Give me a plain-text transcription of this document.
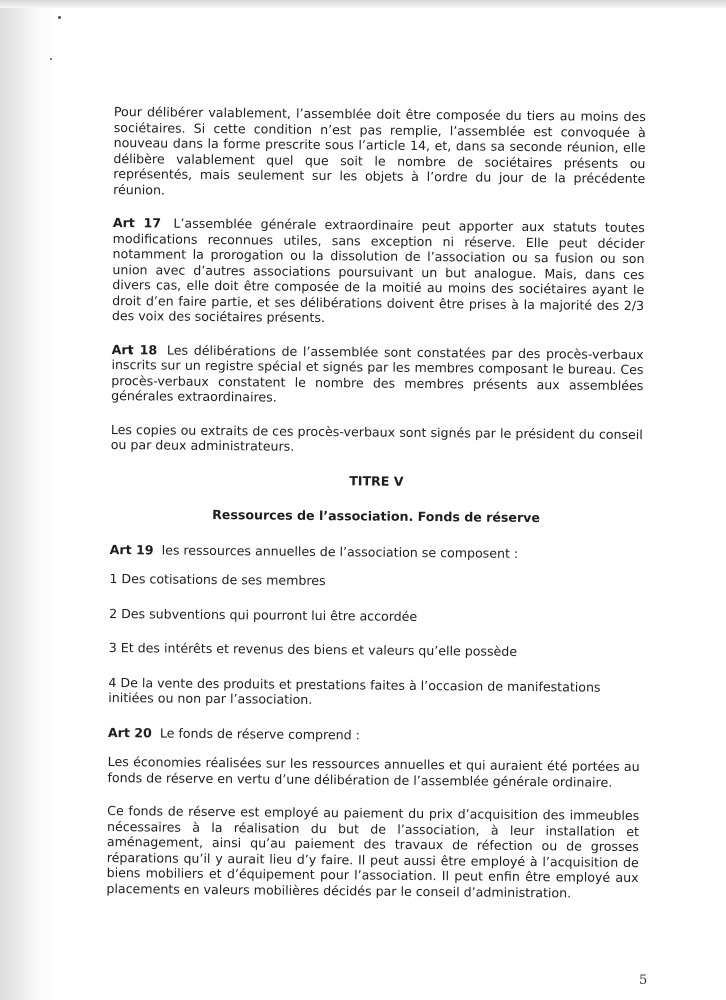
Pour délibérer valablement, l’assemblée doit être composée du tiers au moins des sociétaires. Si cette condition n’est pas remplie, l’assemblée est convoquée à nouveau dans la forme prescrite sous l’article 14, et, dans sa seconde réunion, elle délibère valablement quel que soit le nombre de sociétaires présents ou représentés, mais seulement sur les objets à l’ordre du jour de la précédente réunion.

Art 17 L’assemblée générale extraordinaire peut apporter aux statuts toutes modifications reconnues utiles, sans exception ni réserve. Elle peut décider notamment la prorogation ou la dissolution de l’association ou sa fusion ou son union avec d’autres associations poursuivant un but analogue. Mais, dans ces divers cas, elle doit être composée de la moitié au moins des sociétaires ayant le droit d’en faire partie, et ses délibérations doivent être prises à la majorité des 2/3 des voix des sociétaires présents.

Art 18 Les délibérations de l’assemblée sont constatées par des procès-verbaux inscrits sur un registre spécial et signés par les membres composant le bureau. Ces procès-verbaux constatent le nombre des membres présents aux assemblées générales extraordinaires.

Les copies ou extraits de ces procès-verbaux sont signés par le président du conseil ou par deux administrateurs.

TITRE V

Ressources de l’association. Fonds de réserve

Art 19 les ressources annuelles de l’association se composent :

1 Des cotisations de ses membres

2 Des subventions qui pourront lui être accordée

3 Et des intérêts et revenus des biens et valeurs qu’elle possède

4 De la vente des produits et prestations faites à l’occasion de manifestations initiées ou non par l’association.

Art 20 Le fonds de réserve comprend :

Les économies réalisées sur les ressources annuelles et qui auraient été portées au fonds de réserve en vertu d’une délibération de l’assemblée générale ordinaire.

Ce fonds de réserve est employé au paiement du prix d’acquisition des immeubles nécessaires à la réalisation du but de l’association, à leur installation et aménagement, ainsi qu’au paiement des travaux de réfection ou de grosses réparations qu’il y aurait lieu d’y faire. Il peut aussi être employé à l’acquisition de biens mobiliers et d’équipement pour l’association. Il peut enfin être employé aux placements en valeurs mobilières décidés par le conseil d’administration.

5
